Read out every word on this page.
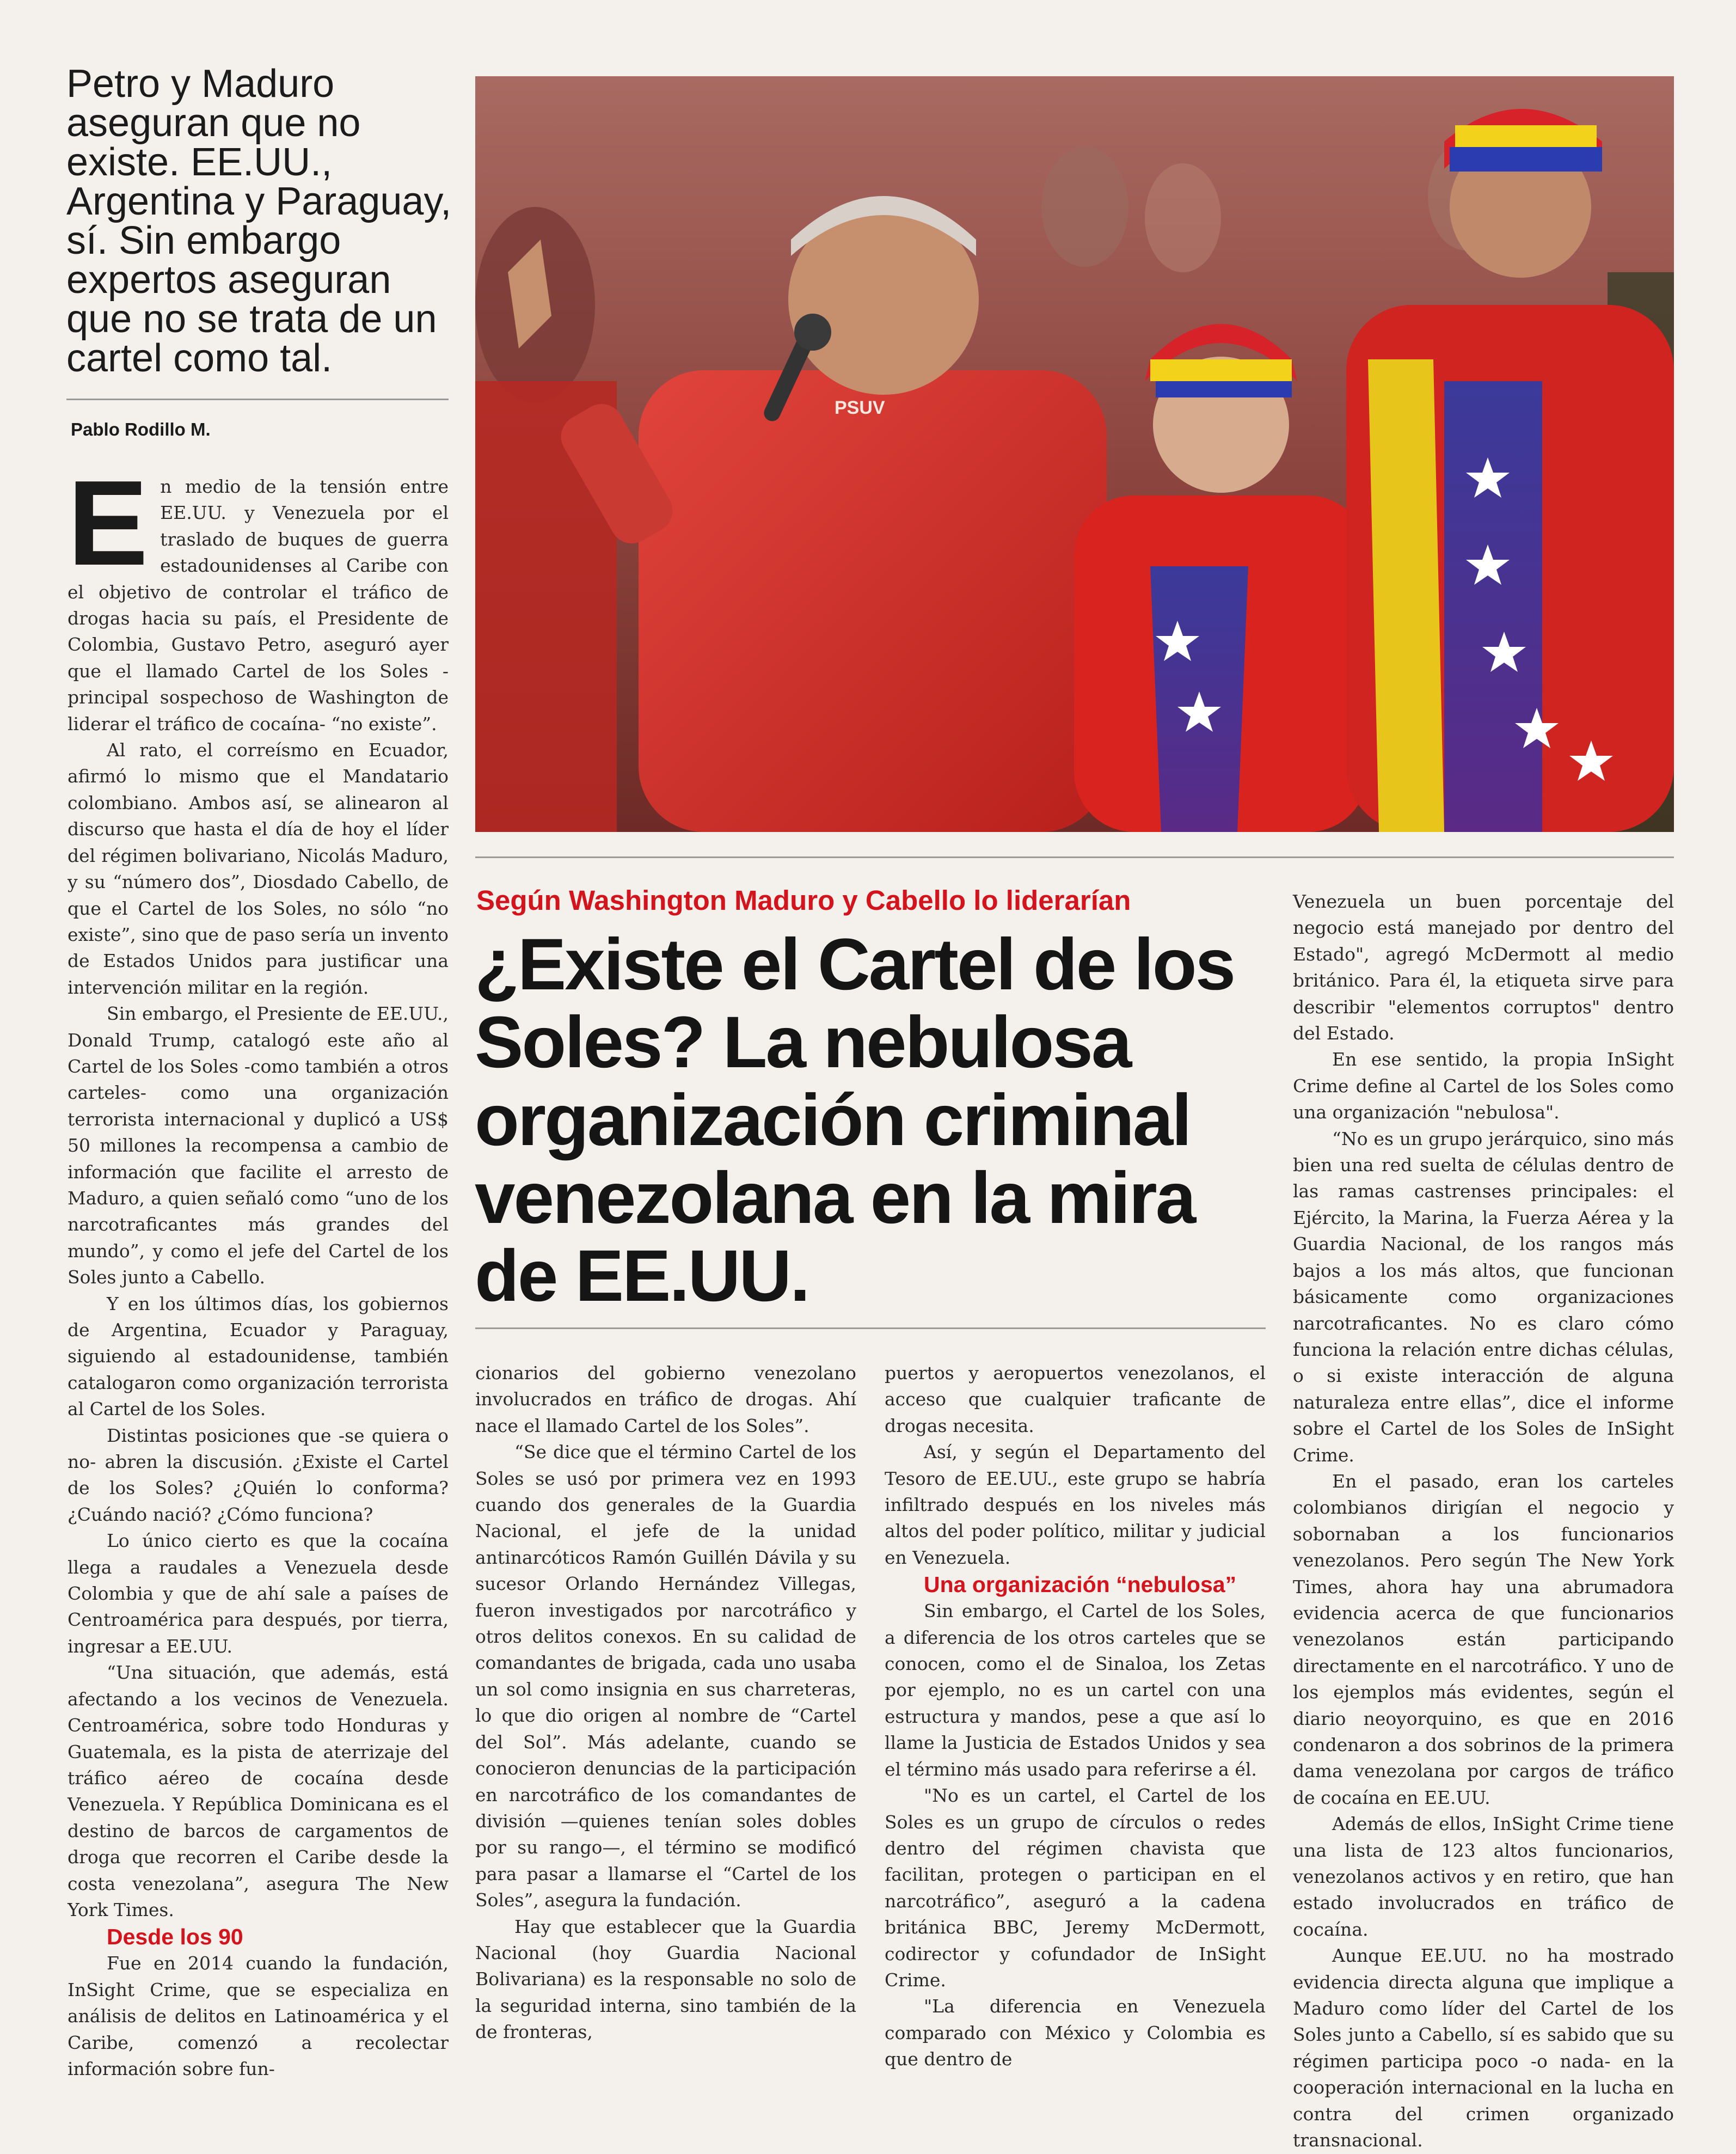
Petro y Maduro aseguran que no existe. EE.UU., Argentina y Paraguay, sí. Sin embargo expertos aseguran que no se trata de un cartel como tal.

Pablo Rodillo M.
PSUV
E n medio de la tensión entre EE.UU. y Venezuela por el traslado de buques de guerra estadounidenses al Caribe con el objetivo de controlar el tráfico de drogas hacia su país, el Presidente de Colombia, Gustavo Petro, aseguró ayer que el llamado Cartel de los Soles -principal sospechoso de Washington de liderar el tráfico de cocaína- “no existe”.

Al rato, el correísmo en Ecuador, afirmó lo mismo que el Mandatario colombiano. Ambos así, se alinearon al discurso que hasta el día de hoy el líder del régimen bolivariano, Nicolás Maduro, y su “número dos”, Diosdado Cabello, de que el Cartel de los Soles, no sólo “no existe”, sino que de paso sería un invento de Estados Unidos para justificar una intervención militar en la región.

Sin embargo, el Presiente de EE.UU., Donald Trump, catalogó este año al Cartel de los Soles -como también a otros carteles- como una organización terrorista internacional y duplicó a US$ 50 millones la recompensa a cambio de información que facilite el arresto de Maduro, a quien señaló como “uno de los narcotraficantes más grandes del mundo”, y como el jefe del Cartel de los Soles junto a Cabello.

Y en los últimos días, los gobiernos de Argentina, Ecuador y Paraguay, siguiendo al estadounidense, también catalogaron como organización terrorista al Cartel de los Soles.

Distintas posiciones que -se quiera o no- abren la discusión. ¿Existe el Cartel de los Soles? ¿Quién lo conforma? ¿Cuándo nació? ¿Cómo funciona?

Lo único cierto es que la cocaína llega a raudales a Venezuela desde Colombia y que de ahí sale a países de Centroamérica para después, por tierra, ingresar a EE.UU.

“Una situación, que además, está afectando a los vecinos de Venezuela. Centroamérica, sobre todo Honduras y Guatemala, es la pista de aterrizaje del tráfico aéreo de cocaína desde Venezuela. Y República Dominicana es el destino de barcos de cargamentos de droga que recorren el Caribe desde la costa venezolana”, asegura The New York Times.

Desde los 90

Fue en 2014 cuando la fundación, InSight Crime, que se especializa en análisis de delitos en Latinoamérica y el Caribe, comenzó a recolectar información sobre fun-

Según Washington Maduro y Cabello lo liderarían
¿Existe el Cartel de los Soles? La nebulosa organización criminal venezolana en la mira de EE.UU.

cionarios del gobierno venezolano involucrados en tráfico de drogas. Ahí nace el llamado Cartel de los Soles”.

“Se dice que el término Cartel de los Soles se usó por primera vez en 1993 cuando dos generales de la Guardia Nacional, el jefe de la unidad antinarcóticos Ramón Guillén Dávila y su sucesor Orlando Hernández Villegas, fueron investigados por narcotráfico y otros delitos conexos. En su calidad de comandantes de brigada, cada uno usaba un sol como insignia en sus charreteras, lo que dio origen al nombre de “Cartel del Sol”. Más adelante, cuando se conocieron denuncias de la participación en narcotráfico de los comandantes de división —quienes tenían soles dobles por su rango—, el término se modificó para pasar a llamarse el “Cartel de los Soles”, asegura la fundación.

Hay que establecer que la Guardia Nacional (hoy Guardia Nacional Bolivariana) es la responsable no solo de la seguridad interna, sino también de la de fronteras,

puertos y aeropuertos venezolanos, el acceso que cualquier traficante de drogas necesita.

Así, y según el Departamento del Tesoro de EE.UU., este grupo se habría infiltrado después en los niveles más altos del poder político, militar y judicial en Venezuela.

Una organización “nebulosa”

Sin embargo, el Cartel de los Soles, a diferencia de los otros carteles que se conocen, como el de Sinaloa, los Zetas por ejemplo, no es un cartel con una estructura y mandos, pese a que así lo llame la Justicia de Estados Unidos y sea el término más usado para referirse a él.

"No es un cartel, el Cartel de los Soles es un grupo de círculos o redes dentro del régimen chavista que facilitan, protegen o participan en el narcotráfico”, aseguró a la cadena británica BBC, Jeremy McDermott, codirector y cofundador de InSight Crime.

"La diferencia en Venezuela comparado con México y Colombia es que dentro de

Venezuela un buen porcentaje del negocio está manejado por dentro del Estado", agregó McDermott al medio británico. Para él, la etiqueta sirve para describir "elementos corruptos" dentro del Estado.

En ese sentido, la propia InSight Crime define al Cartel de los Soles como una organización "nebulosa".

“No es un grupo jerárquico, sino más bien una red suelta de células dentro de las ramas castrenses principales: el Ejército, la Marina, la Fuerza Aérea y la Guardia Nacional, de los rangos más bajos a los más altos, que funcionan básicamente como organizaciones narcotraficantes. No es claro cómo funciona la relación entre dichas células, o si existe interacción de alguna naturaleza entre ellas”, dice el informe sobre el Cartel de los Soles de InSight Crime.

En el pasado, eran los carteles colombianos dirigían el negocio y sobornaban a los funcionarios venezolanos. Pero según The New York Times, ahora hay una abrumadora evidencia acerca de que funcionarios venezolanos están participando directamente en el narcotráfico. Y uno de los ejemplos más evidentes, según el diario neoyorquino, es que en 2016 condenaron a dos sobrinos de la primera dama venezolana por cargos de tráfico de cocaína en EE.UU.

Además de ellos, InSight Crime tiene una lista de 123 altos funcionarios, venezolanos activos y en retiro, que han estado involucrados en tráfico de cocaína.

Aunque EE.UU. no ha mostrado evidencia directa alguna que implique a Maduro como líder del Cartel de los Soles junto a Cabello, sí es sabido que su régimen participa poco -o nada- en la cooperación internacional en la lucha en contra del crimen organizado transnacional.
